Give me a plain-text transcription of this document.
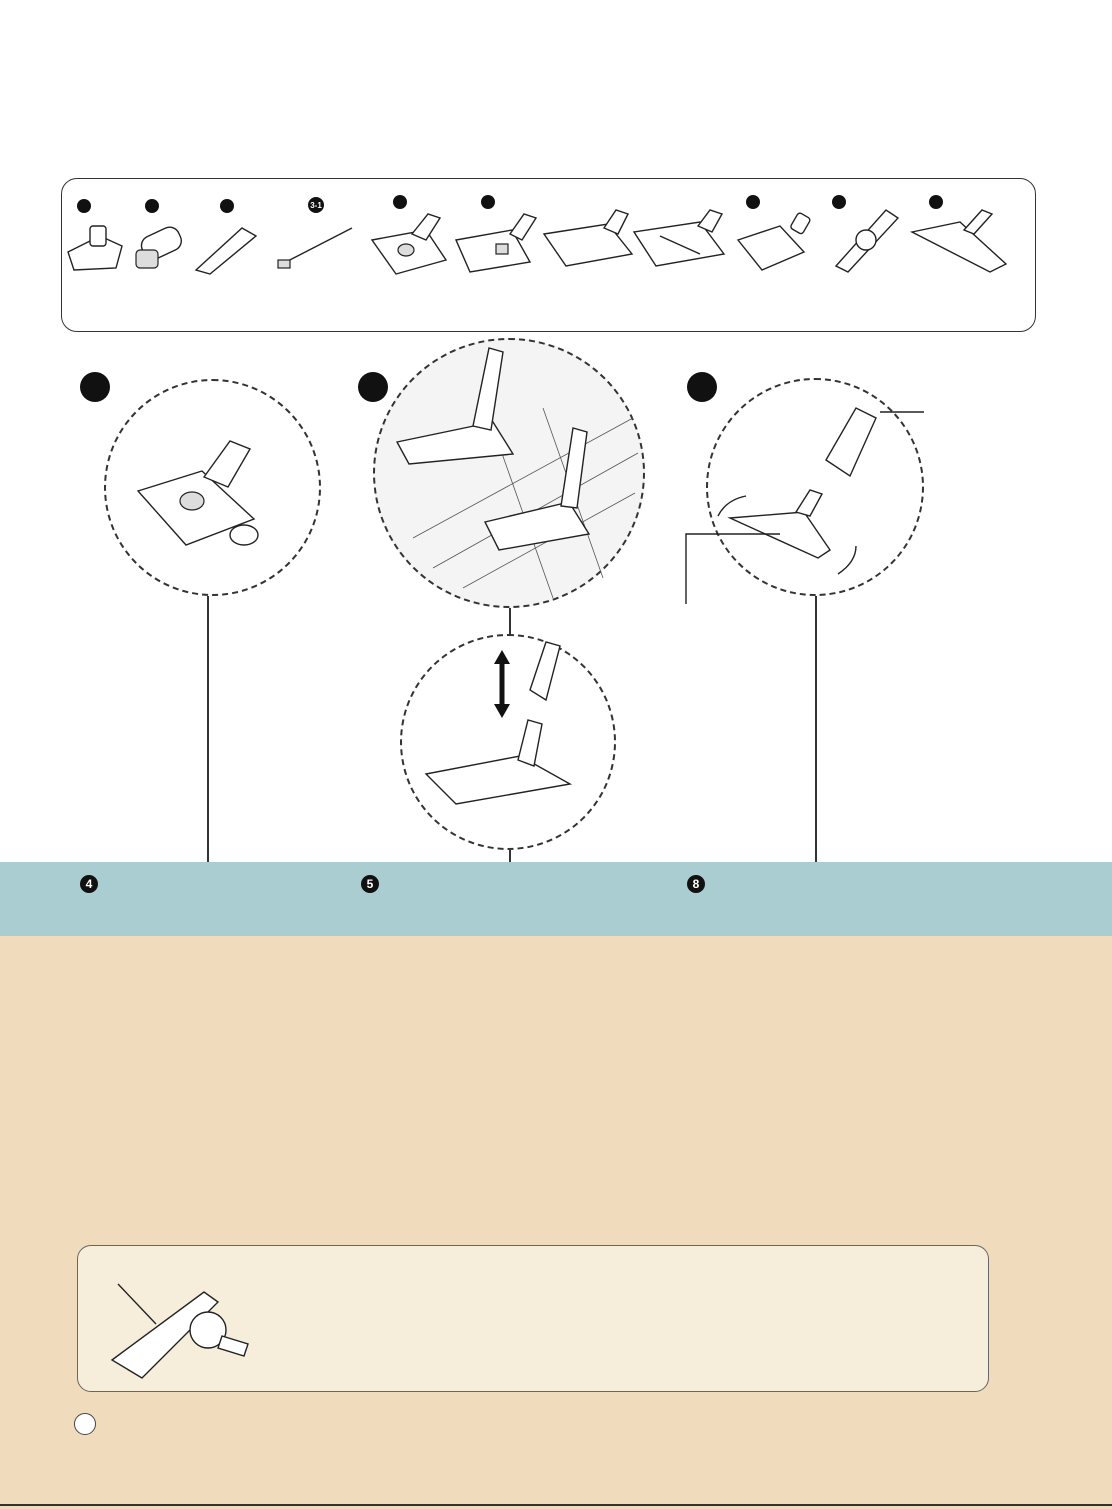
3-1
4	5	8
